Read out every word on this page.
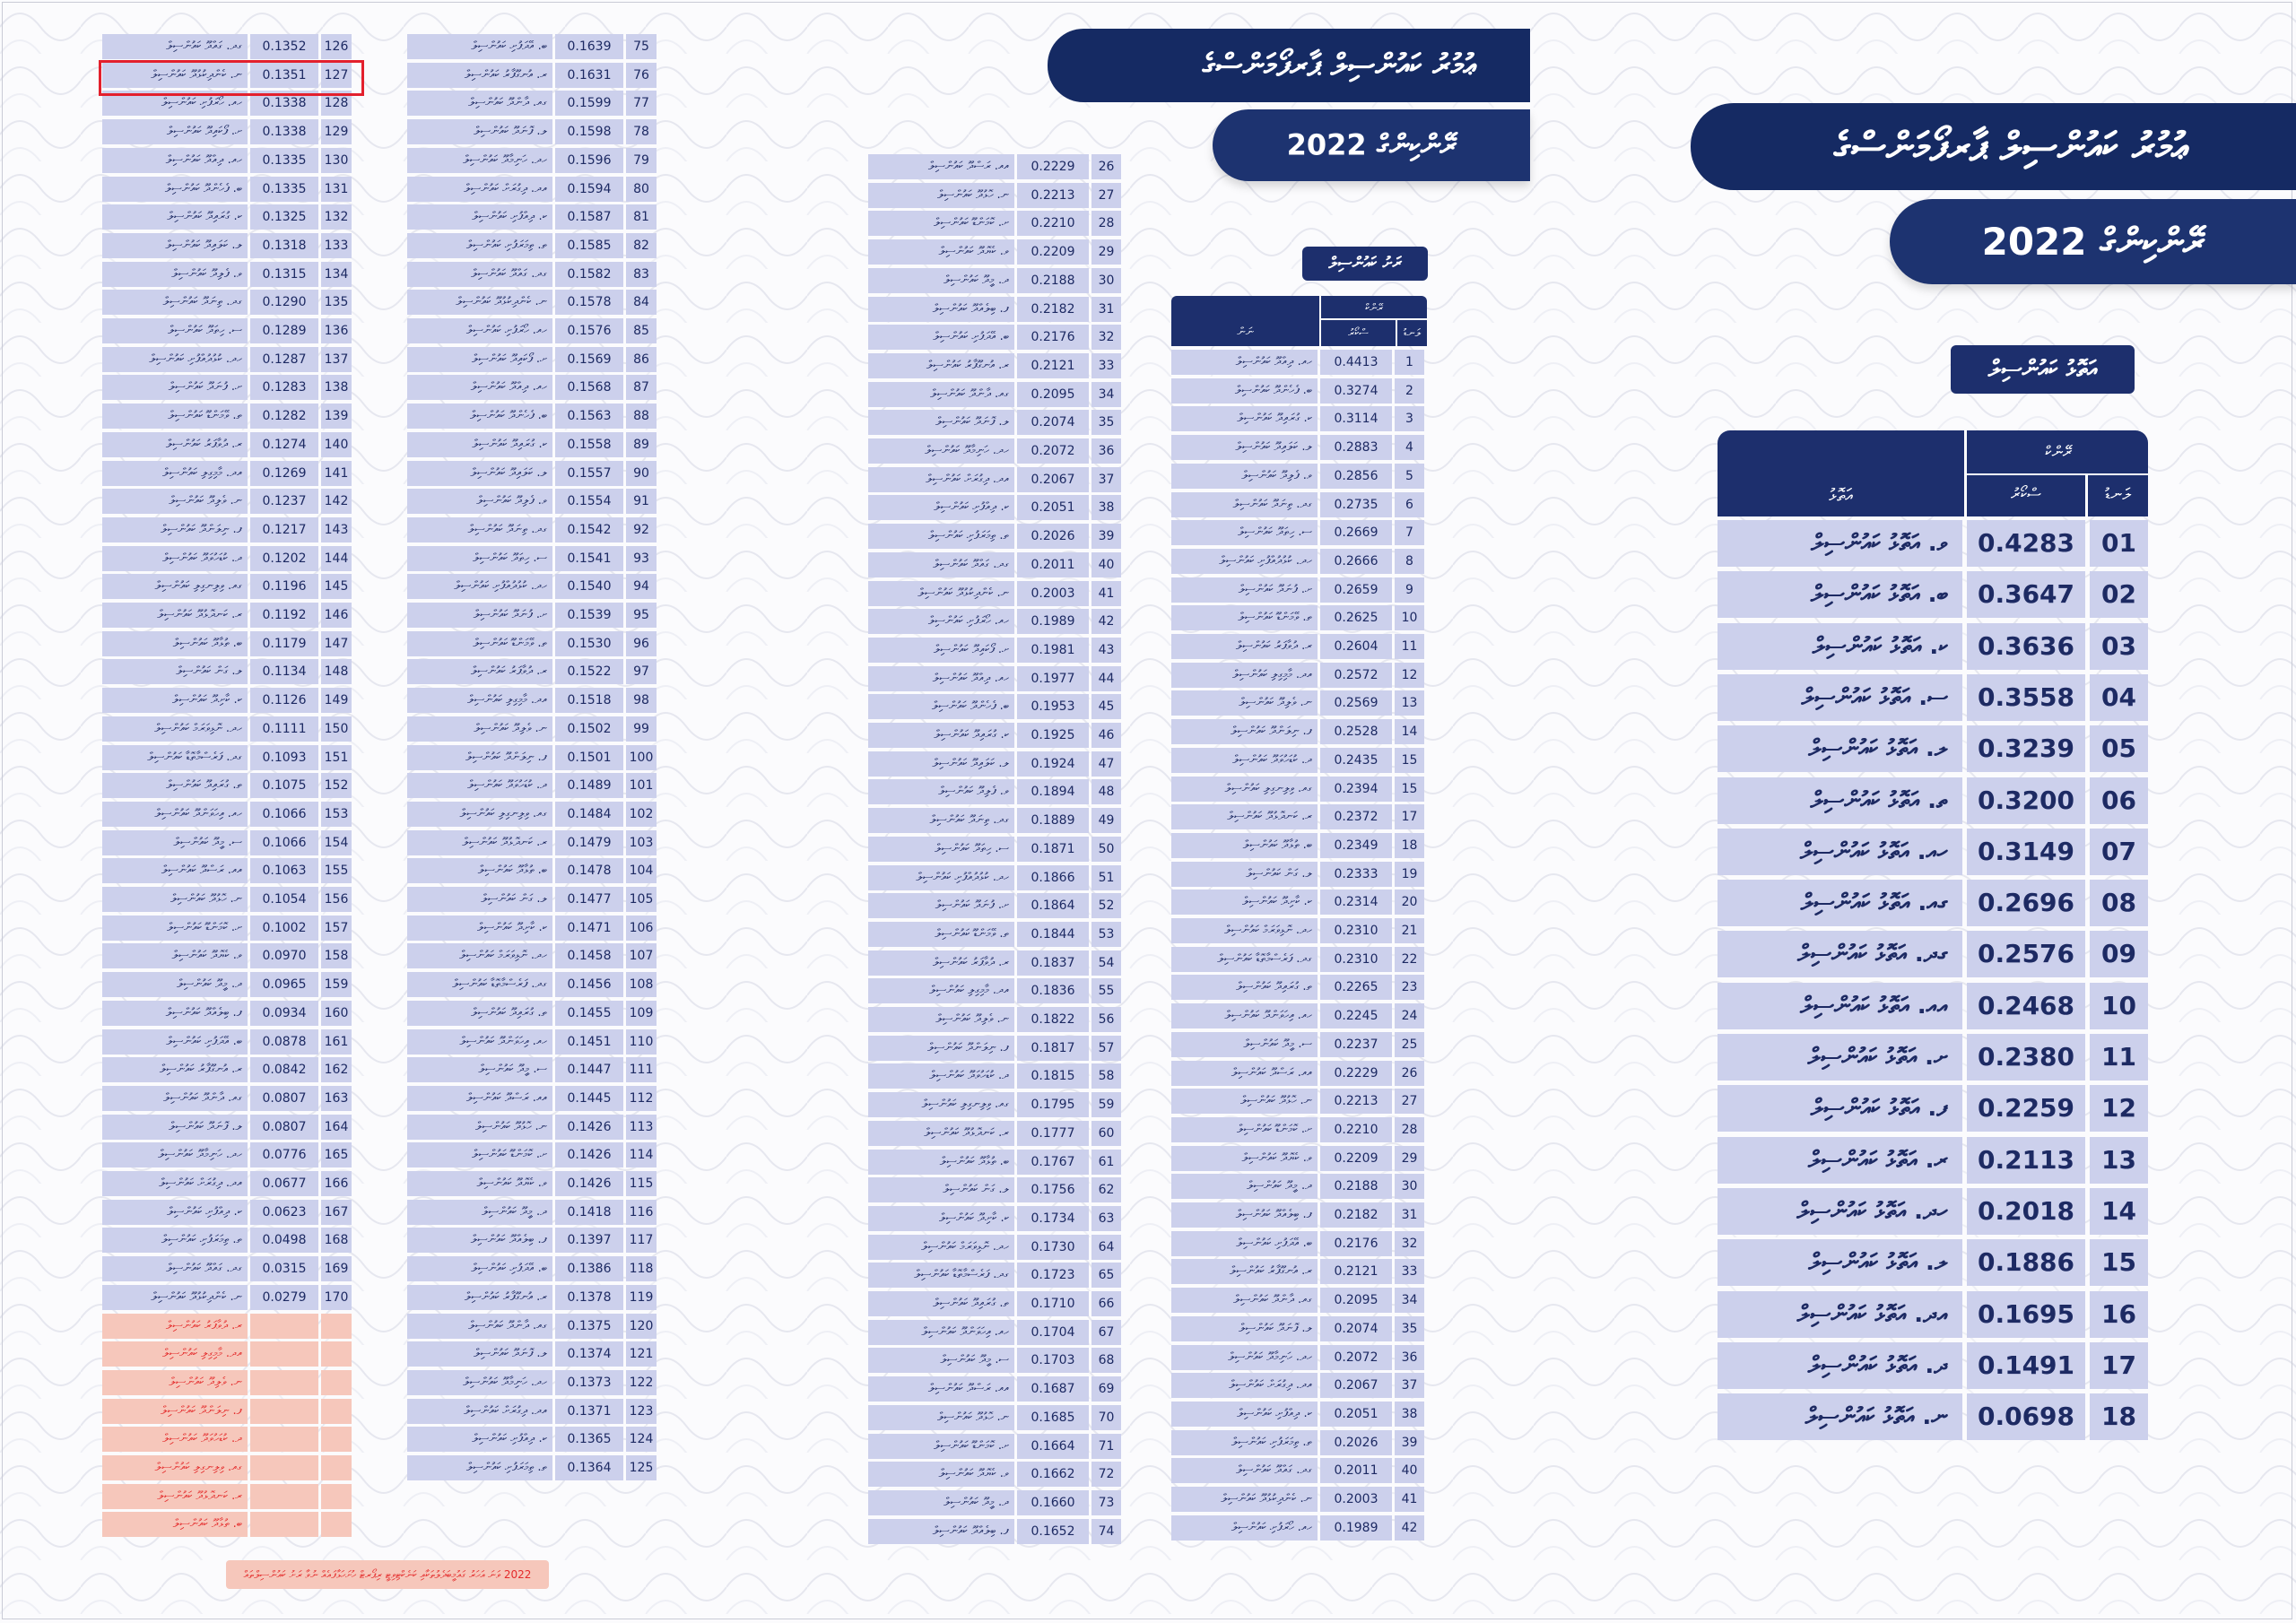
ޢުމުރު ކައުންސިލް ޕާރފޯމަންސްގެ
ރޭންކިންގް 2022
އަތޮޅު ކައުންސިލް
ރޭންކް
އަތޮޅު	ސްކޯރު	ލަނޑު
ވ. އަތޮޅު ކައުންސިލް	0.4283	01
ބ. އަތޮޅު ކައުންސިލް	0.3647	02
ކ. އަތޮޅު ކައުންސިލް	0.3636	03
ސ. އަތޮޅު ކައުންސިލް	0.3558	04
ލ. އަތޮޅު ކައުންސިލް	0.3239	05
ތ. އަތޮޅު ކައުންސިލް	0.3200	06
ހއ. އަތޮޅު ކައުންސިލް	0.3149	07
ގއ. އަތޮޅު ކައުންސިލް	0.2696	08
ގދ. އަތޮޅު ކައުންސިލް	0.2576	09
އއ. އަތޮޅު ކައުންސިލް	0.2468	10
ށ. އަތޮޅު ކައުންސިލް	0.2380	11
ފ. އަތޮޅު ކައުންސިލް	0.2259	12
ރ. އަތޮޅު ކައުންސިލް	0.2113	13
ހދ. އަތޮޅު ކައުންސިލް	0.2018	14
ލ. އަތޮޅު ކައުންސިލް	0.1886	15
އދ. އަތޮޅު ކައުންސިލް	0.1695	16
ދ. އަތޮޅު ކައުންސިލް	0.1491	17
ނ. އަތޮޅު ކައުންސިލް	0.0698	18
ޢުމުރު ކައުންސިލް ޕާރފޯމަންސްގެ
ރޭންކިންގް 2022
ރަށު ކައުންސިލް
ރޭންކް
ނަން	ސްކޯރު	ލަނޑު
ހއ. ދިއްދޫ ކައުންސިލް	0.4413	1
ބ. ފެހެންދޫ ކައުންސިލް	0.3274	2
ކ. ގުރައިދޫ ކައުންސިލް	0.3114	3
ލ. ކަލައިދޫ ކައުންސިލް	0.2883	4
ވ. ފެލިދޫ ކައުންސިލް	0.2856	5
ގދ. ތިނަދޫ ކައުންސިލް	0.2735	6
ސ. ހިތަދޫ ކައުންސިލް	0.2669	7
ހދ. ކުޅުދުއްފުށި ކައުންސިލް	0.2666	8
ށ. ފުނަދޫ ކައުންސިލް	0.2659	9
ތ. ވޭމަންޑޫ ކައުންސިލް	0.2625	10
ރ. ދުވާފަރު ކައުންސިލް	0.2604	11
އދ. މާމިގިލި ކައުންސިލް	0.2572	12
ނ. ވެލިދޫ ކައުންސިލް	0.2569	13
ފ. ނިލަންދޫ ކައުންސިލް	0.2528	14
ދ. ކުޑަހުވަދޫ ކައުންސިލް	0.2435	15
ގއ. ވިލިނގިލި ކައުންސިލް	0.2394	15
ރ. ކަނދޮޅުދޫ ކައުންސިލް	0.2372	17
ބ. ތުޅާދޫ ކައުންސިލް	0.2349	18
ލ. ގަން ކައުންސިލް	0.2333	19
ކ. ކާށިދޫ ކައުންސިލް	0.2314	20
ހދ. ނޮޅިވަރަމް ކައުންސިލް	0.2310	21
ގދ. ފަރެސްމާތޮޑާ ކައުންސިލް	0.2310	22
ތ. ގުރައިދޫ ކައުންސިލް	0.2265	23
ހއ. އިހަވަންދޫ ކައުންސިލް	0.2245	24
ސ. މީދޫ ކައުންސިލް	0.2237	25
އއ. ރަސްދޫ ކައުންސިލް	0.2229	26
ނ. ހޮޅުދޫ ކައުންސިލް	0.2213	27
ށ. ކޮމަންޑޫ ކައުންސިލް	0.2210	28
ވ. ކެޔޮދޫ ކައުންސިލް	0.2209	29
ދ. މީދޫ ކައުންސިލް	0.2188	30
ފ. ބިލެއްދޫ ކައުންސިލް	0.2182	31
ބ. އޭދަފުށި ކައުންސިލް	0.2176	32
ރ. އުނގޫފާރު ކައުންސިލް	0.2121	33
ގއ. ދާންދޫ ކައުންސިލް	0.2095	34
ލ. ފޮނަދޫ ކައުންސިލް	0.2074	35
ހދ. ހަނިމާދޫ ކައުންސިލް	0.2072	36
އދ. ދިގުރަށް ކައުންސިލް	0.2067	37
ކ. ދިއްފުށި ކައުންސިލް	0.2051	38
ތ. ތިމަރަފުށި ކައުންސިލް	0.2026	39
ގދ. ގައްދޫ ކައުންސިލް	0.2011	40
ނ. ކެންދިކުޅުދޫ ކައުންސިލް	0.2003	41
ހއ. ހޯރަފުށި ކައުންސިލް	0.1989	42
އއ. ރަސްދޫ ކައުންސިލް	0.2229	26
ނ. ހޮޅުދޫ ކައުންސިލް	0.2213	27
ށ. ކޮމަންޑޫ ކައުންސިލް	0.2210	28
ވ. ކެޔޮދޫ ކައުންސިލް	0.2209	29
ދ. މީދޫ ކައުންސިލް	0.2188	30
ފ. ބިލެއްދޫ ކައުންސިލް	0.2182	31
ބ. އޭދަފުށި ކައުންސިލް	0.2176	32
ރ. އުނގޫފާރު ކައުންސިލް	0.2121	33
ގއ. ދާންދޫ ކައުންސިލް	0.2095	34
ލ. ފޮނަދޫ ކައުންސިލް	0.2074	35
ހދ. ހަނިމާދޫ ކައުންސިލް	0.2072	36
އދ. ދިގުރަށް ކައުންސިލް	0.2067	37
ކ. ދިއްފުށި ކައުންސިލް	0.2051	38
ތ. ތިމަރަފުށި ކައުންސިލް	0.2026	39
ގދ. ގައްދޫ ކައުންސިލް	0.2011	40
ނ. ކެންދިކުޅުދޫ ކައުންސިލް	0.2003	41
ހއ. ހޯރަފުށި ކައުންސިލް	0.1989	42
ށ. ފޯކައިދޫ ކައުންސިލް	0.1981	43
ހއ. ދިއްދޫ ކައުންސިލް	0.1977	44
ބ. ފެހެންދޫ ކައުންސިލް	0.1953	45
ކ. ގުރައިދޫ ކައުންސިލް	0.1925	46
ލ. ކަލައިދޫ ކައުންސިލް	0.1924	47
ވ. ފެލިދޫ ކައުންސިލް	0.1894	48
ގދ. ތިނަދޫ ކައުންސިލް	0.1889	49
ސ. ހިތަދޫ ކައުންސިލް	0.1871	50
ހދ. ކުޅުދުއްފުށި ކައުންސިލް	0.1866	51
ށ. ފުނަދޫ ކައުންސިލް	0.1864	52
ތ. ވޭމަންޑޫ ކައުންސިލް	0.1844	53
ރ. ދުވާފަރު ކައުންސިލް	0.1837	54
އދ. މާމިގިލި ކައުންސިލް	0.1836	55
ނ. ވެލިދޫ ކައުންސިލް	0.1822	56
ފ. ނިލަންދޫ ކައުންސިލް	0.1817	57
ދ. ކުޑަހުވަދޫ ކައުންސިލް	0.1815	58
ގއ. ވިލިނގިލި ކައުންސިލް	0.1795	59
ރ. ކަނދޮޅުދޫ ކައުންސިލް	0.1777	60
ބ. ތުޅާދޫ ކައުންސިލް	0.1767	61
ލ. ގަން ކައުންސިލް	0.1756	62
ކ. ކާށިދޫ ކައުންސިލް	0.1734	63
ހދ. ނޮޅިވަރަމް ކައުންސިލް	0.1730	64
ގދ. ފަރެސްމާތޮޑާ ކައުންސިލް	0.1723	65
ތ. ގުރައިދޫ ކައުންސިލް	0.1710	66
ހއ. އިހަވަންދޫ ކައުންސިލް	0.1704	67
ސ. މީދޫ ކައުންސިލް	0.1703	68
އއ. ރަސްދޫ ކައުންސިލް	0.1687	69
ނ. ހޮޅުދޫ ކައުންސިލް	0.1685	70
ށ. ކޮމަންޑޫ ކައުންސިލް	0.1664	71
ވ. ކެޔޮދޫ ކައުންސިލް	0.1662	72
ދ. މީދޫ ކައުންސިލް	0.1660	73
ފ. ބިލެއްދޫ ކައުންސިލް	0.1652	74
ބ. އޭދަފުށި ކައުންސިލް	0.1639	75
ރ. އުނގޫފާރު ކައުންސިލް	0.1631	76
ގއ. ދާންދޫ ކައުންސިލް	0.1599	77
ލ. ފޮނަދޫ ކައުންސިލް	0.1598	78
ހދ. ހަނިމާދޫ ކައުންސިލް	0.1596	79
އދ. ދިގުރަށް ކައުންސިލް	0.1594	80
ކ. ދިއްފުށި ކައުންސިލް	0.1587	81
ތ. ތިމަރަފުށި ކައުންސިލް	0.1585	82
ގދ. ގައްދޫ ކައުންސިލް	0.1582	83
ނ. ކެންދިކުޅުދޫ ކައުންސިލް	0.1578	84
ހއ. ހޯރަފުށި ކައުންސިލް	0.1576	85
ށ. ފޯކައިދޫ ކައުންސިލް	0.1569	86
ހއ. ދިއްދޫ ކައުންސިލް	0.1568	87
ބ. ފެހެންދޫ ކައުންސިލް	0.1563	88
ކ. ގުރައިދޫ ކައުންސިލް	0.1558	89
ލ. ކަލައިދޫ ކައުންސިލް	0.1557	90
ވ. ފެލިދޫ ކައުންސިލް	0.1554	91
ގދ. ތިނަދޫ ކައުންސިލް	0.1542	92
ސ. ހިތަދޫ ކައުންސިލް	0.1541	93
ހދ. ކުޅުދުއްފުށި ކައުންސިލް	0.1540	94
ށ. ފުނަދޫ ކައުންސިލް	0.1539	95
ތ. ވޭމަންޑޫ ކައުންސިލް	0.1530	96
ރ. ދުވާފަރު ކައުންސިލް	0.1522	97
އދ. މާމިގިލި ކައުންސިލް	0.1518	98
ނ. ވެލިދޫ ކައުންސިލް	0.1502	99
ފ. ނިލަންދޫ ކައުންސިލް	0.1501	100
ދ. ކުޑަހުވަދޫ ކައުންސިލް	0.1489	101
ގއ. ވިލިނގިލި ކައުންސިލް	0.1484	102
ރ. ކަނދޮޅުދޫ ކައުންސިލް	0.1479	103
ބ. ތުޅާދޫ ކައުންސިލް	0.1478	104
ލ. ގަން ކައުންސިލް	0.1477	105
ކ. ކާށިދޫ ކައުންސިލް	0.1471	106
ހދ. ނޮޅިވަރަމް ކައުންސިލް	0.1458	107
ގދ. ފަރެސްމާތޮޑާ ކައުންސިލް	0.1456	108
ތ. ގުރައިދޫ ކައުންސިލް	0.1455	109
ހއ. އިހަވަންދޫ ކައުންސިލް	0.1451	110
ސ. މީދޫ ކައުންސިލް	0.1447	111
އއ. ރަސްދޫ ކައުންސިލް	0.1445	112
ނ. ހޮޅުދޫ ކައުންސިލް	0.1426	113
ށ. ކޮމަންޑޫ ކައުންސިލް	0.1426	114
ވ. ކެޔޮދޫ ކައުންސިލް	0.1426	115
ދ. މީދޫ ކައުންސިލް	0.1418	116
ފ. ބިލެއްދޫ ކައުންސިލް	0.1397	117
ބ. އޭދަފުށި ކައުންސިލް	0.1386	118
ރ. އުނގޫފާރު ކައުންސިލް	0.1378	119
ގއ. ދާންދޫ ކައުންސިލް	0.1375	120
ލ. ފޮނަދޫ ކައުންސިލް	0.1374	121
ހދ. ހަނިމާދޫ ކައުންސިލް	0.1373	122
އދ. ދިގުރަށް ކައުންސިލް	0.1371	123
ކ. ދިއްފުށި ކައުންސިލް	0.1365	124
ތ. ތިމަރަފުށި ކައުންސިލް	0.1364	125
ގދ. ގައްދޫ ކައުންސިލް	0.1352	126
ނ. ކެންދިކުޅުދޫ ކައުންސިލް	0.1351	127
ހއ. ހޯރަފުށި ކައުންސިލް	0.1338	128
ށ. ފޯކައިދޫ ކައުންސިލް	0.1338	129
ހއ. ދިއްދޫ ކައުންސިލް	0.1335	130
ބ. ފެހެންދޫ ކައުންސިލް	0.1335	131
ކ. ގުރައިދޫ ކައުންސިލް	0.1325	132
ލ. ކަލައިދޫ ކައުންސިލް	0.1318	133
ވ. ފެލިދޫ ކައުންސިލް	0.1315	134
ގދ. ތިނަދޫ ކައުންސިލް	0.1290	135
ސ. ހިތަދޫ ކައުންސިލް	0.1289	136
ހދ. ކުޅުދުއްފުށި ކައުންސިލް	0.1287	137
ށ. ފުނަދޫ ކައުންސިލް	0.1283	138
ތ. ވޭމަންޑޫ ކައުންސިލް	0.1282	139
ރ. ދުވާފަރު ކައުންސިލް	0.1274	140
އދ. މާމިގިލި ކައުންސިލް	0.1269	141
ނ. ވެލިދޫ ކައުންސިލް	0.1237	142
ފ. ނިލަންދޫ ކައުންސިލް	0.1217	143
ދ. ކުޑަހުވަދޫ ކައުންސިލް	0.1202	144
ގއ. ވިލިނގިލި ކައުންސިލް	0.1196	145
ރ. ކަނދޮޅުދޫ ކައުންސިލް	0.1192	146
ބ. ތުޅާދޫ ކައުންސިލް	0.1179	147
ލ. ގަން ކައުންސިލް	0.1134	148
ކ. ކާށިދޫ ކައުންސިލް	0.1126	149
ހދ. ނޮޅިވަރަމް ކައުންސިލް	0.1111	150
ގދ. ފަރެސްމާތޮޑާ ކައުންސިލް	0.1093	151
ތ. ގުރައިދޫ ކައުންސިލް	0.1075	152
ހއ. އިހަވަންދޫ ކައުންސިލް	0.1066	153
ސ. މީދޫ ކައުންސިލް	0.1066	154
އއ. ރަސްދޫ ކައުންސިލް	0.1063	155
ނ. ހޮޅުދޫ ކައުންސިލް	0.1054	156
ށ. ކޮމަންޑޫ ކައުންސިލް	0.1002	157
ވ. ކެޔޮދޫ ކައުންސިލް	0.0970	158
ދ. މީދޫ ކައުންސިލް	0.0965	159
ފ. ބިލެއްދޫ ކައުންސިލް	0.0934	160
ބ. އޭދަފުށި ކައުންސިލް	0.0878	161
ރ. އުނގޫފާރު ކައުންސިލް	0.0842	162
ގއ. ދާންދޫ ކައުންސިލް	0.0807	163
ލ. ފޮނަދޫ ކައުންސިލް	0.0807	164
ހދ. ހަނިމާދޫ ކައުންސިލް	0.0776	165
އދ. ދިގުރަށް ކައުންސިލް	0.0677	166
ކ. ދިއްފުށި ކައުންސިލް	0.0623	167
ތ. ތިމަރަފުށި ކައުންސިލް	0.0498	168
ގދ. ގައްދޫ ކައުންސިލް	0.0315	169
ނ. ކެންދިކުޅުދޫ ކައުންސިލް	0.0279	170
ރ. ދުވާފަރު ކައުންސިލް
އދ. މާމިގިލި ކައުންސިލް
ނ. ވެލިދޫ ކައުންސިލް
ފ. ނިލަންދޫ ކައުންސިލް
ދ. ކުޑަހުވަދޫ ކައުންސިލް
ގއ. ވިލިނގިލި ކައުންސިލް
ރ. ކަނދޮޅުދޫ ކައުންސިލް
ބ. ތުޅާދޫ ކައުންސިލް
2022 ވަނަ އަހަރު ގައުމީބަދެލުތަކާއި ކަނެކްޓިވިޓީ ރިޕޯރޓް ހުށަހަޅާފައެއް ނުވާ ރަށު ކައުންސިލްތައް
